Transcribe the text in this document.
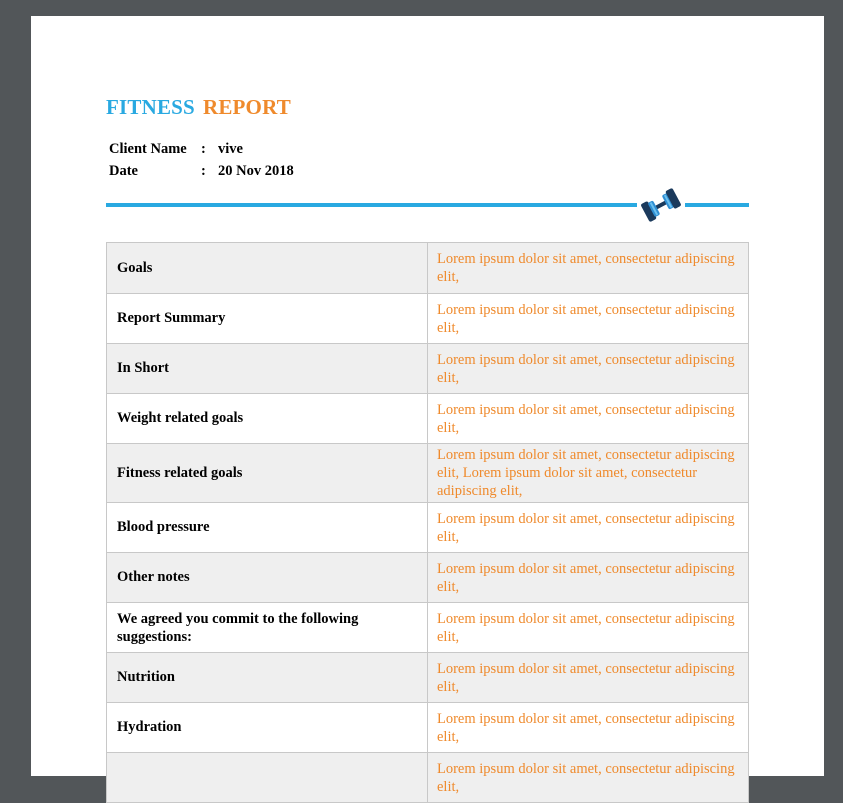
FITNESS REPORT
Client Name : vive
Date	: 20 Nov 2018
Goals	Lorem ipsum dolor sit amet, consectetur adipiscing elit,
Report Summary	Lorem ipsum dolor sit amet, consectetur adipiscing elit,
In Short	Lorem ipsum dolor sit amet, consectetur adipiscing elit,
Weight related goals	Lorem ipsum dolor sit amet, consectetur adipiscing elit,
Fitness related goals	Lorem ipsum dolor sit amet, consectetur adipiscing elit, Lorem ipsum dolor sit amet, consectetur adipiscing elit,
Blood pressure	Lorem ipsum dolor sit amet, consectetur adipiscing elit,
Other notes	Lorem ipsum dolor sit amet, consectetur adipiscing elit,
We agreed you commit to the following suggestions:	Lorem ipsum dolor sit amet, consectetur adipiscing elit,
Nutrition	Lorem ipsum dolor sit amet, consectetur adipiscing elit,
Hydration	Lorem ipsum dolor sit amet, consectetur adipiscing elit,
	Lorem ipsum dolor sit amet, consectetur adipiscing elit,
